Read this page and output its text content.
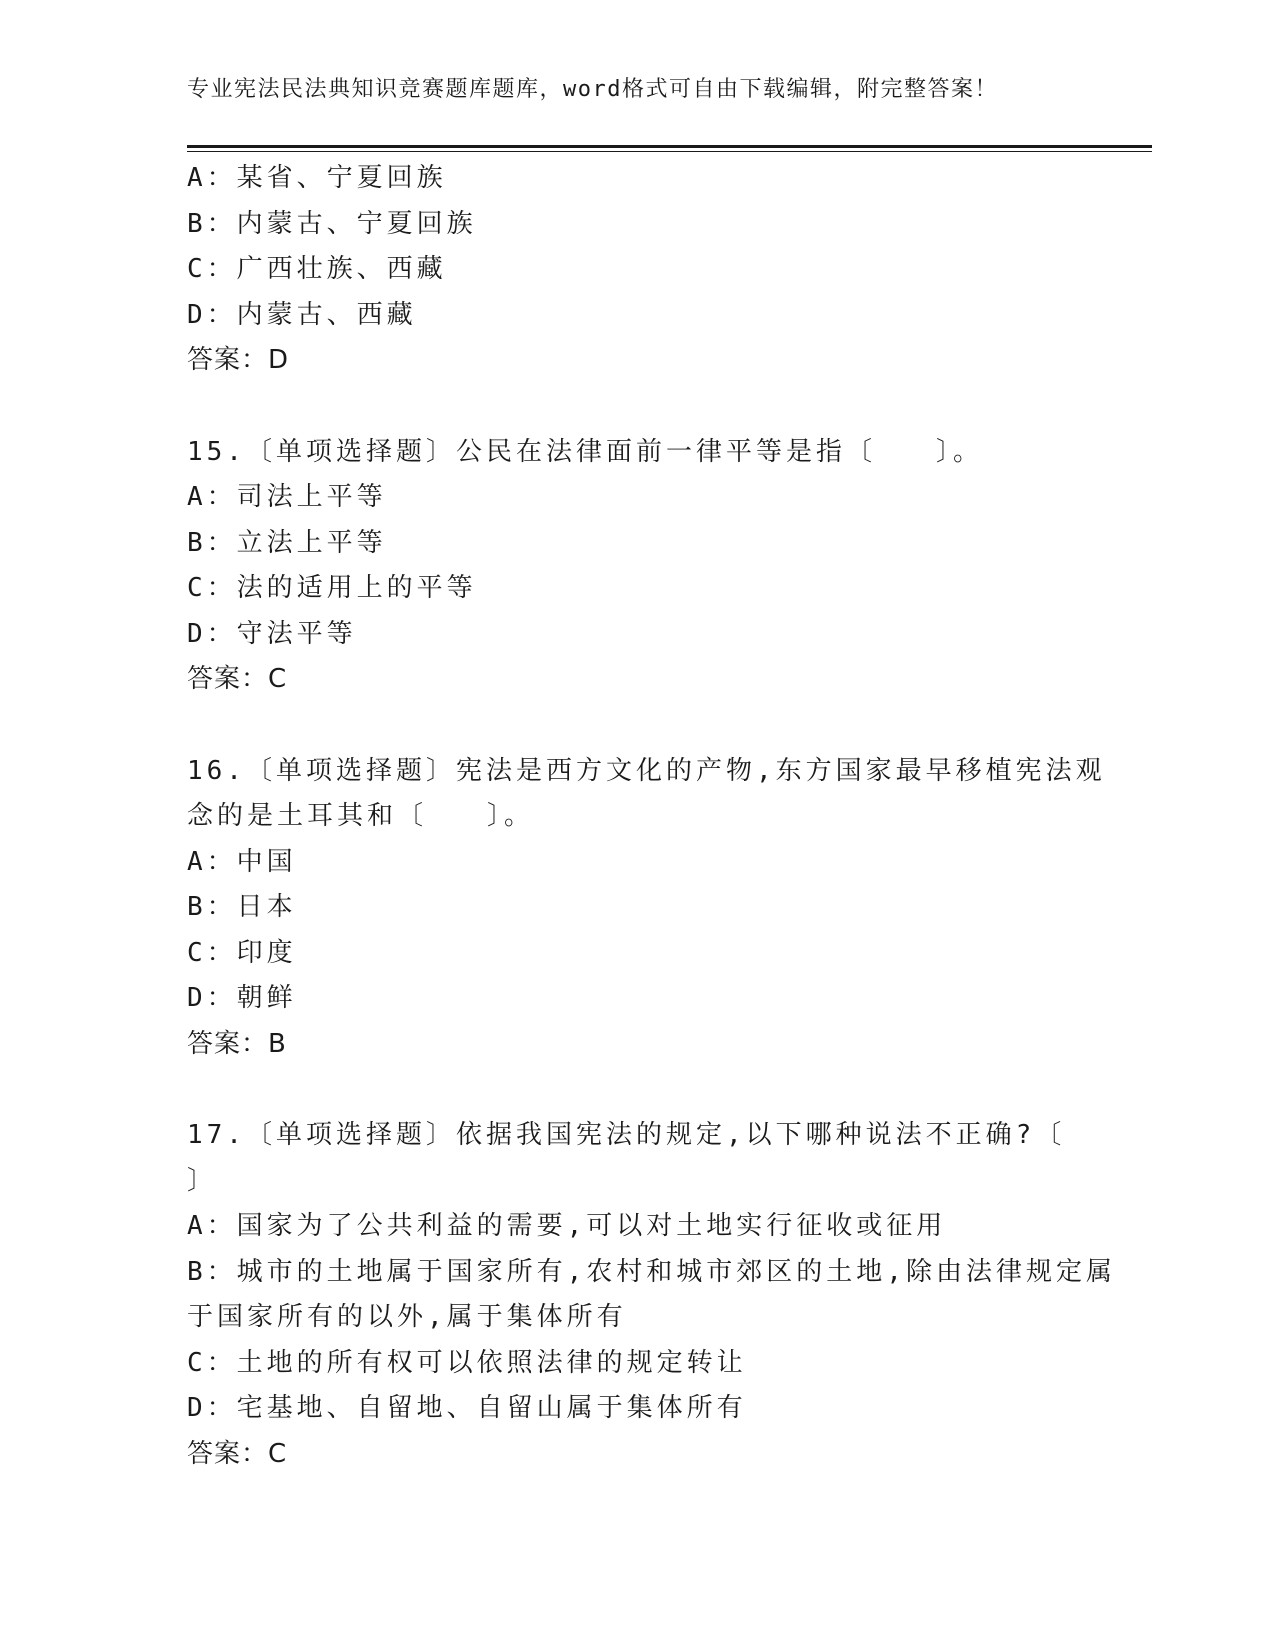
专业宪法民法典知识竞赛题库题库，word格式可自由下载编辑，附完整答案！
A：某省、宁夏回族
B：内蒙古、宁夏回族
C：广西壮族、西藏
D：内蒙古、西藏
答案：D
15.〔单项选择题〕公民在法律面前一律平等是指〔　　〕。
A：司法上平等
B：立法上平等
C：法的适用上的平等
D：守法平等
答案：C
16.〔单项选择题〕宪法是西方文化的产物,东方国家最早移植宪法观
念的是土耳其和〔　　〕。
A：中国
B：日本
C：印度
D：朝鲜
答案：B
17.〔单项选择题〕依据我国宪法的规定,以下哪种说法不正确?〔
〕
A：国家为了公共利益的需要,可以对土地实行征收或征用
B：城市的土地属于国家所有,农村和城市郊区的土地,除由法律规定属
于国家所有的以外,属于集体所有
C：土地的所有权可以依照法律的规定转让
D：宅基地、自留地、自留山属于集体所有
答案：C
